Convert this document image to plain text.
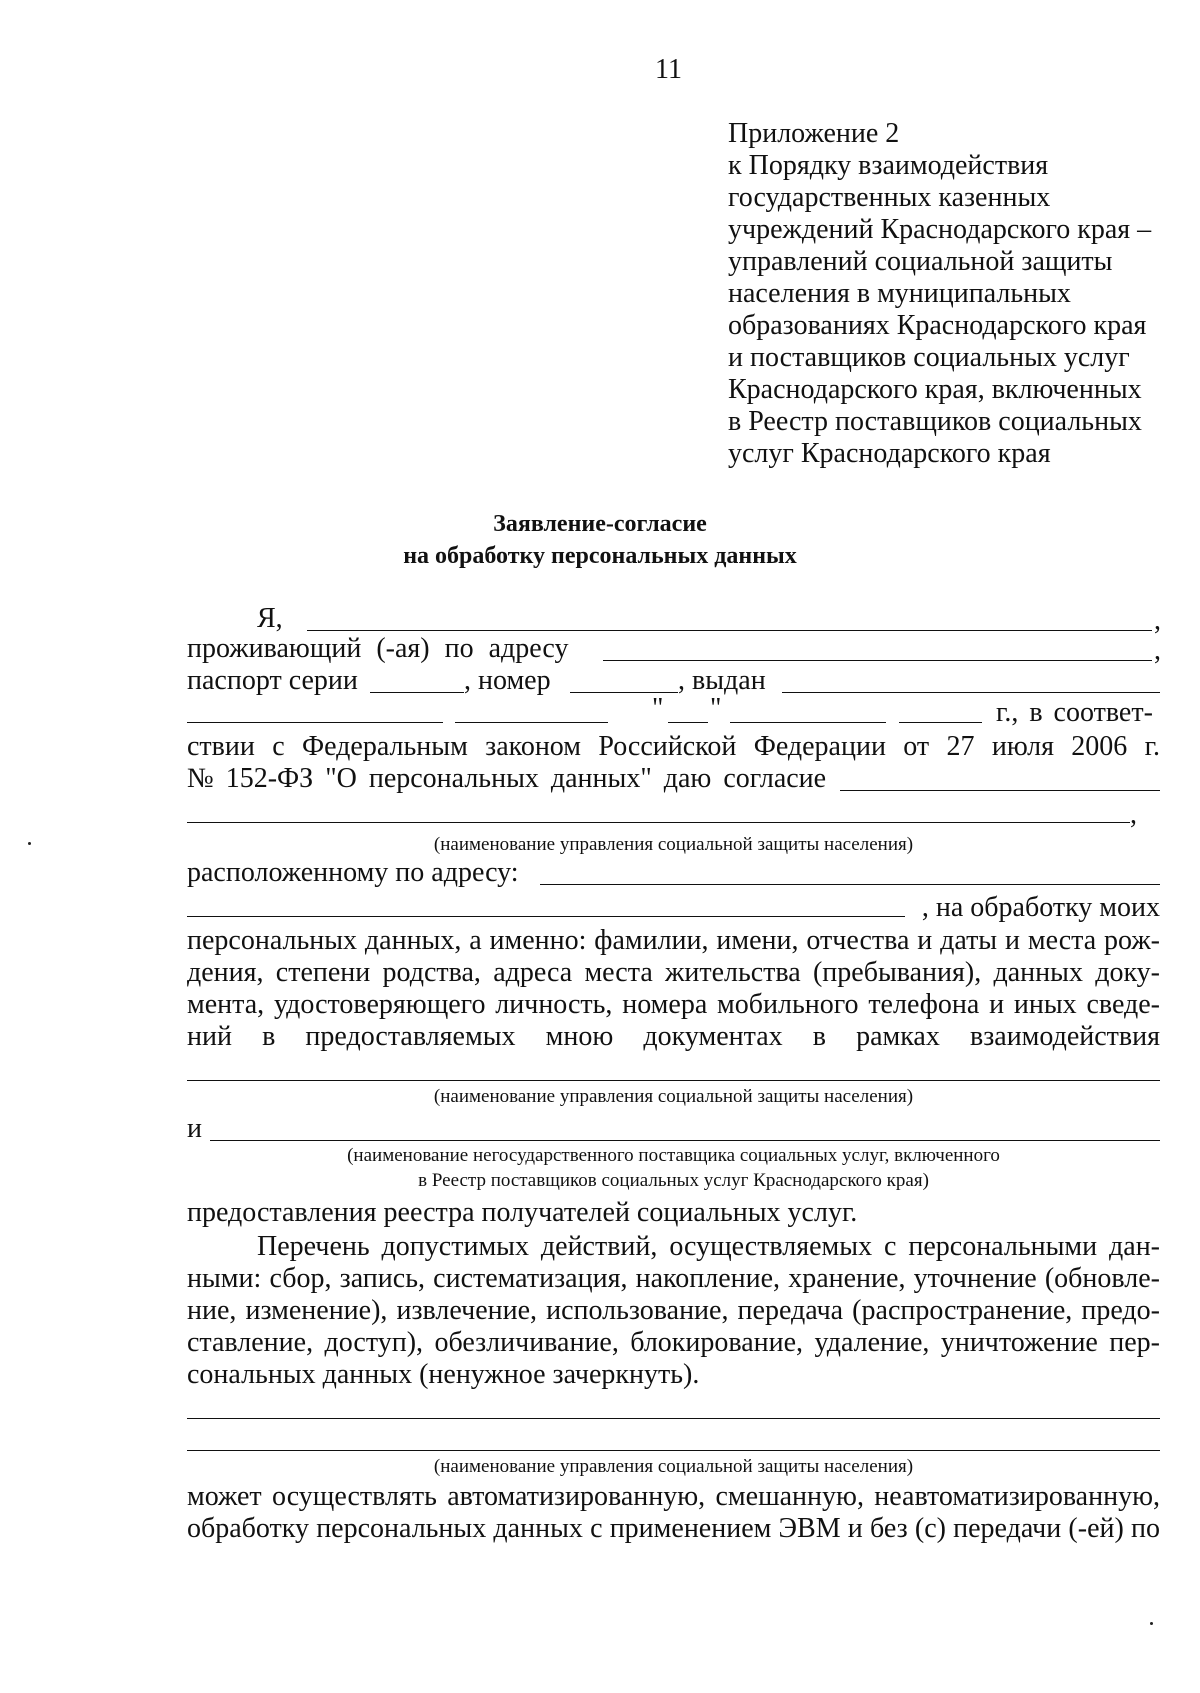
11
Приложение 2
к Порядку взаимодействия
государственных казенных
учреждений Краснодарского края –
управлений социальной защиты
населения в муниципальных
образованиях Краснодарского края
и поставщиков социальных услуг
Краснодарского края, включенных
в Реестр поставщиков социальных
услуг Краснодарского края
Заявление-согласие
на обработку персональных данных
Я,	,
проживающий (-ая) по адресу	,
паспорт серии	, номер	, выдан
" "	г., в соответ-
ствии с Федеральным законом Российской Федерации от 27 июля 2006 г.
№ 152-ФЗ "О персональных данных" даю согласие
,
(наименование управления социальной защиты населения)
расположенному по адресу:
, на обработку моих
персональных данных, а именно: фамилии, имени, отчества и даты и места рож-
дения, степени родства, адреса места жительства (пребывания), данных доку-
мента, удостоверяющего личность, номера мобильного телефона и иных сведе-
ний в предоставляемых мною документах в рамках взаимодействия
(наименование управления социальной защиты населения)
и
(наименование негосударственного поставщика социальных услуг, включенного
в Реестр поставщиков социальных услуг Краснодарского края)
предоставления реестра получателей социальных услуг.
Перечень допустимых действий, осуществляемых с персональными дан-
ными: сбор, запись, систематизация, накопление, хранение, уточнение (обновле-
ние, изменение), извлечение, использование, передача (распространение, предо-
ставление, доступ), обезличивание, блокирование, удаление, уничтожение пер-
сональных данных (ненужное зачеркнуть).
(наименование управления социальной защиты населения)
может осуществлять автоматизированную, смешанную, неавтоматизированную,
обработку персональных данных с применением ЭВМ и без (с) передачи (-ей) по
